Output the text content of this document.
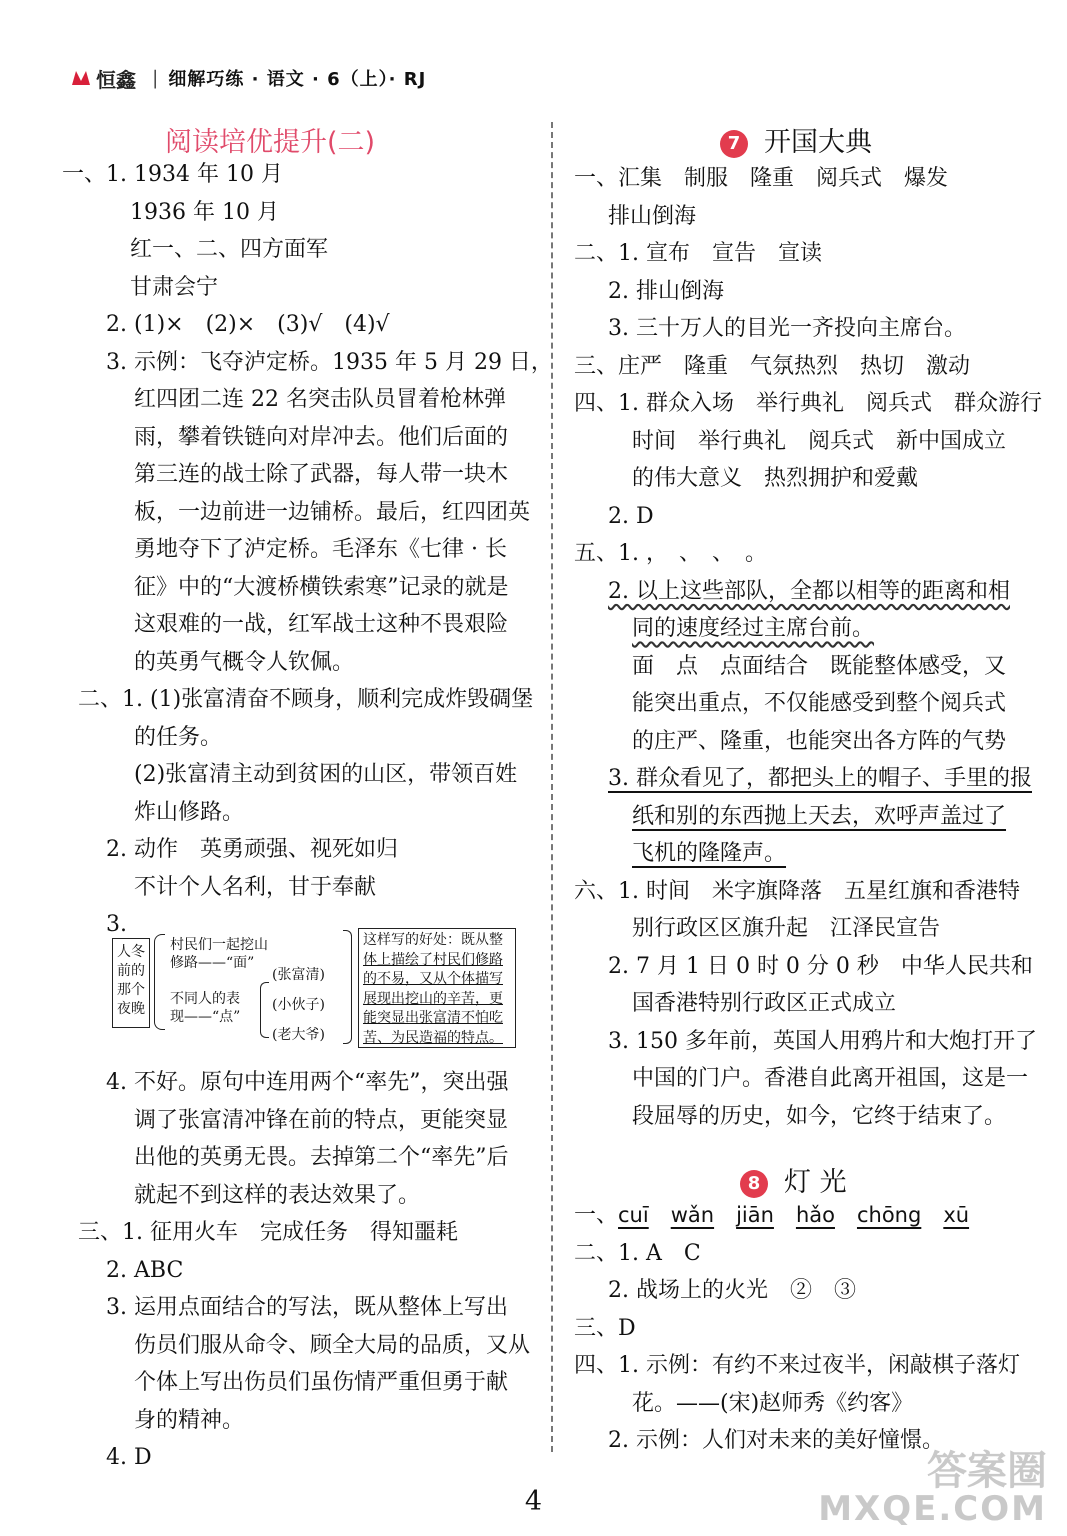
恒鑫 | 细解巧练 · 语文 · 6（上）· RJ
阅读培优提升(二)
一、1. 1934 年 10 月
1936 年 10 月
红一、二、四方面军
甘肃会宁
2. (1)×　(2)×　(3)√　(4)√
3. 示例：飞夺泸定桥。1935 年 5 月 29 日，
红四团二连 22 名突击队员冒着枪林弹
雨，攀着铁链向对岸冲去。他们后面的
第三连的战士除了武器，每人带一块木
板，一边前进一边铺桥。最后，红四团英
勇地夺下了泸定桥。毛泽东《七律 · 长
征》中的“大渡桥横铁索寒”记录的就是
这艰难的一战，红军战士这种不畏艰险
的英勇气概令人钦佩。
二、1. (1)张富清奋不顾身，顺利完成炸毁碉堡
的任务。
(2)张富清主动到贫困的山区，带领百姓
炸山修路。
2. 动作　英勇顽强、视死如归
不计个人名利，甘于奉献
3.
人冬
前的
那个
夜晚
村民们一起挖山
修路——“面”
不同人的表
现——“点”
(张富清)
(小伙子)
(老大爷)
这样写的好处：既从整
体上描绘了村民们修路
的不易，又从个体描写
展现出挖山的辛苦，更
能突显出张富清不怕吃
苦、为民造福的特点。
4. 不好。原句中连用两个“率先”，突出强
调了张富清冲锋在前的特点，更能突显
出他的英勇无畏。去掉第二个“率先”后
就起不到这样的表达效果了。
三、1. 征用火车　完成任务　得知噩耗
2. ABC
3. 运用点面结合的写法，既从整体上写出
伤员们服从命令、顾全大局的品质，又从
个体上写出伤员们虽伤情严重但勇于献
身的精神。
4. D
7 开国大典
一、汇集　制服　隆重　阅兵式　爆发
排山倒海
二、1. 宣布　宣告　宣读
2. 排山倒海
3. 三十万人的目光一齐投向主席台。
三、庄严　隆重　气氛热烈　热切　激动
四、1. 群众入场　举行典礼　阅兵式　群众游行
时间　举行典礼　阅兵式　新中国成立
的伟大意义　热烈拥护和爱戴
2. D
五、1. ，　、　、　。
2. 以上这些部队，全都以相等的距离和相
同的速度经过主席台前。
面　点　点面结合　既能整体感受，又
能突出重点，不仅能感受到整个阅兵式
的庄严、隆重，也能突出各方阵的气势
3. 群众看见了，都把头上的帽子、手里的报
纸和别的东西抛上天去，欢呼声盖过了
飞机的隆隆声。
六、1. 时间　米字旗降落　五星红旗和香港特
别行政区区旗升起　江泽民宣告
2. 7 月 1 日 0 时 0 分 0 秒　中华人民共和
国香港特别行政区正式成立
3. 150 多年前，英国人用鸦片和大炮打开了
中国的门户。香港自此离开祖国，这是一
段屈辱的历史，如今，它终于结束了。
8 灯 光
一、cuī wǎn jiān hǎo chōng xū
二、1. A　C
2. 战场上的火光　②　③
三、D
四、1. 示例：有约不来过夜半，闲敲棋子落灯
花。——(宋)赵师秀《约客》
2. 示例：人们对未来的美好憧憬。
4
答案圈
MXQE.COM
